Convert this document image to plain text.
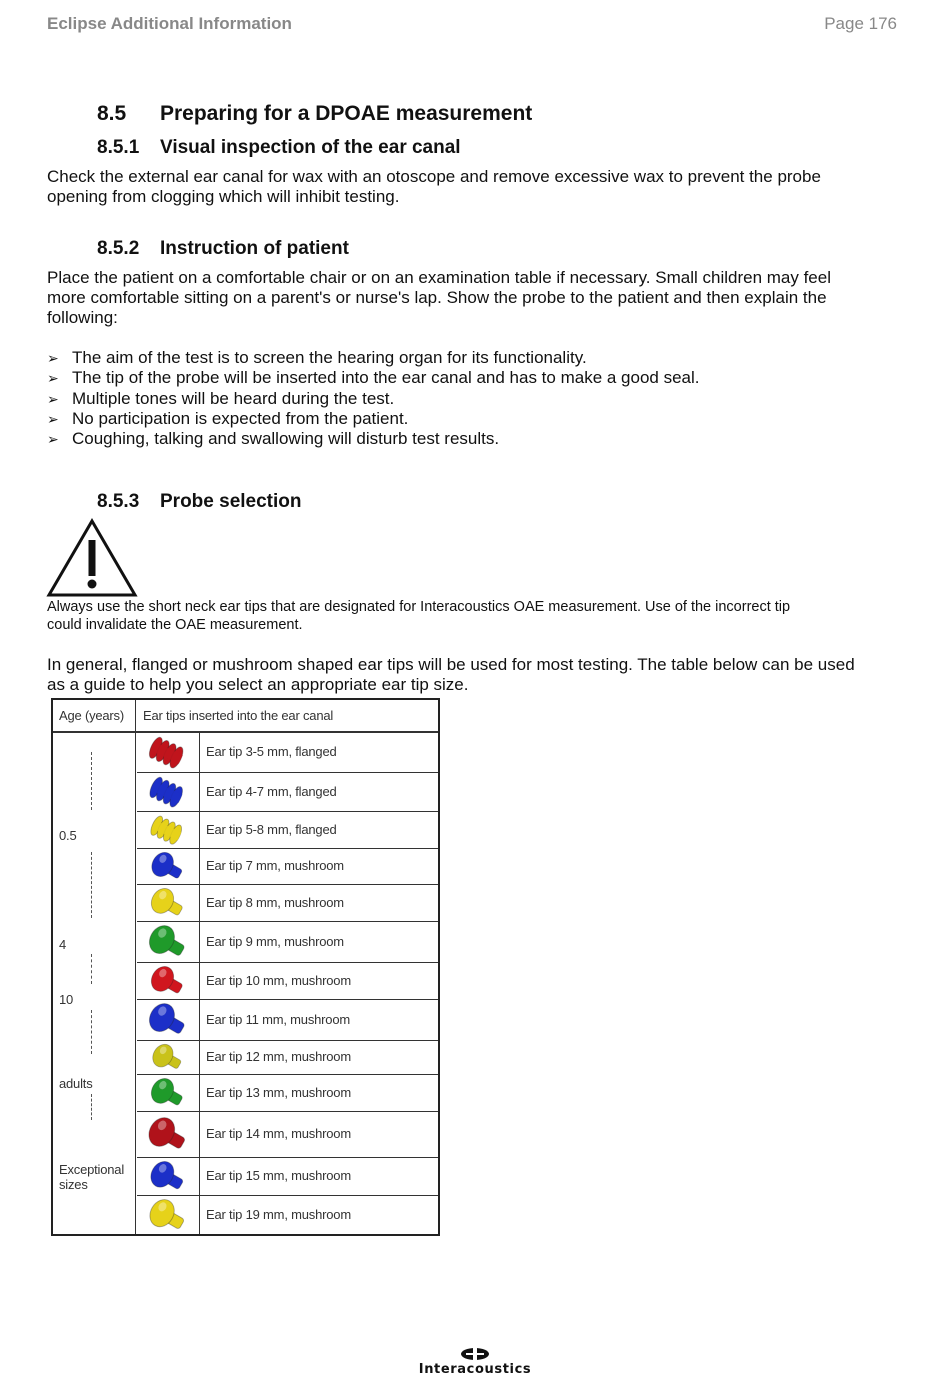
Eclipse Additional Information	Page 176
8.5 Preparing for a DPOAE measurement
8.5.1 Visual inspection of the ear canal
Check the external ear canal for wax with an otoscope and remove excessive wax to prevent the probe
opening from clogging which will inhibit testing.
8.5.2 Instruction of patient
Place the patient on a comfortable chair or on an examination table if necessary. Small children may feel
more comfortable sitting on a parent's or nurse's lap. Show the probe to the patient and then explain the
following:
➢ The aim of the test is to screen the hearing organ for its functionality.
➢ The tip of the probe will be inserted into the ear canal and has to make a good seal.
➢ Multiple tones will be heard during the test.
➢ No participation is expected from the patient.
➢ Coughing, talking and swallowing will disturb test results.
8.5.3 Probe selection
Always use the short neck ear tips that are designated for Interacoustics OAE measurement. Use of the incorrect tip
could invalidate the OAE measurement.
In general, flanged or mushroom shaped ear tips will be used for most testing. The table below can be used
as a guide to help you select an appropriate ear tip size.
Age (years) Ear tips inserted into the ear canal
0.5
4
10
adults
Exceptional
sizes
Ear tip 3-5 mm, flanged
Ear tip 4-7 mm, flanged
Ear tip 5-8 mm, flanged
Ear tip 7 mm, mushroom
Ear tip 8 mm, mushroom
Ear tip 9 mm, mushroom
Ear tip 10 mm, mushroom
Ear tip 11 mm, mushroom
Ear tip 12 mm, mushroom
Ear tip 13 mm, mushroom
Ear tip 14 mm, mushroom
Ear tip 15 mm, mushroom
Ear tip 19 mm, mushroom
Interacoustics
